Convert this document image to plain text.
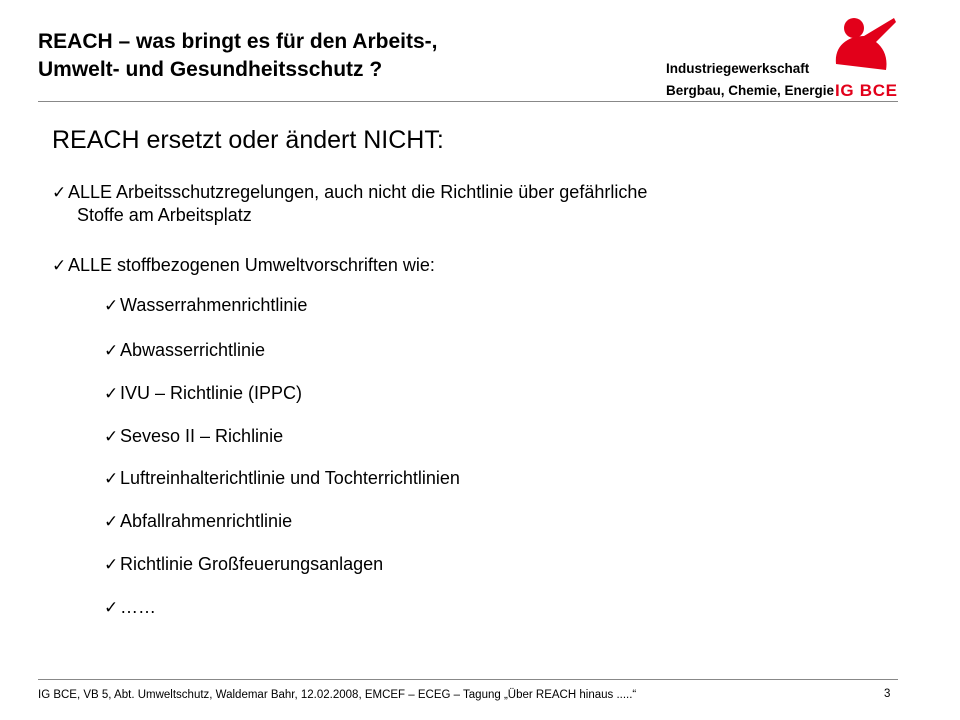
REACH – was bringt es für den Arbeits-,
Umwelt- und Gesundheitsschutz ?	Industriegewerkschaft
Bergbau, Chemie, Energie IG BCE
REACH ersetzt oder ändert NICHT:
✓ALLE Arbeitsschutzregelungen, auch nicht die Richtlinie über gefährliche
Stoffe am Arbeitsplatz
✓ALLE stoffbezogenen Umweltvorschriften wie:
✓Wasserrahmenrichtlinie
✓Abwasserrichtlinie
✓IVU – Richtlinie (IPPC)
✓Seveso II – Richlinie
✓Luftreinhalterichtlinie und Tochterrichtlinien
✓Abfallrahmenrichtlinie
✓Richtlinie Großfeuerungsanlagen
✓……
IG BCE, VB 5, Abt. Umweltschutz, Waldemar Bahr, 12.02.2008, EMCEF – ECEG – Tagung „Über REACH hinaus .....“	3
